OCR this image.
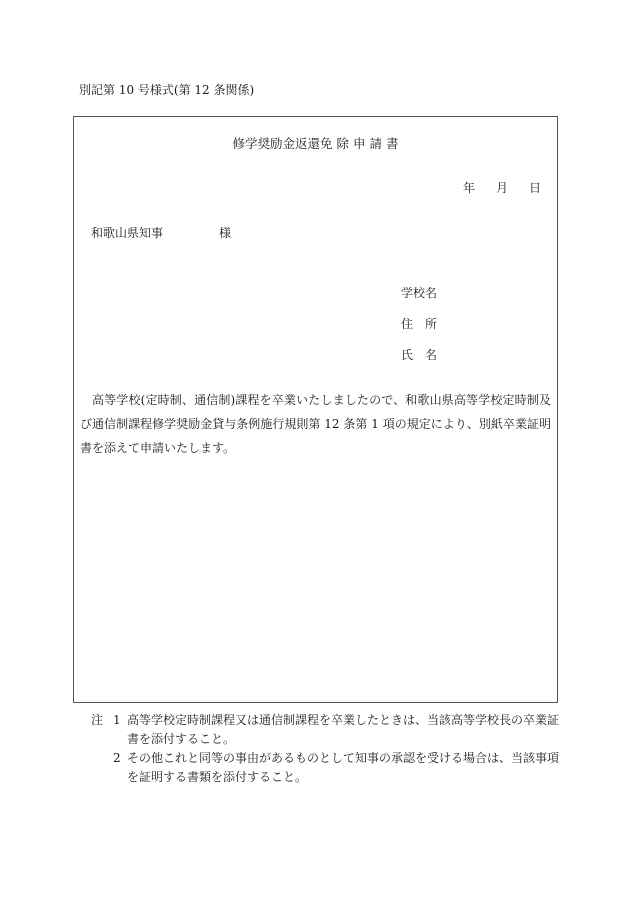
別記第 10 号様式(第 12 条関係)
修学奨励金返還免 除 申 請 書
年 月 日
和歌山県知事	様
学校名
住　所
氏　名
高等学校(定時制、通信制)課程を卒業いたしましたので、和歌山県高等学校定時制及び通信制課程修学奨励金貸与条例施行規則第 12 条第 1 項の規定により、別紙卒業証明書を添えて申請いたします。
注 1 高等学校定時制課程又は通信制課程を卒業したときは、当該高等学校長の卒業証書を添付すること。
2 その他これと同等の事由があるものとして知事の承認を受ける場合は、当該事項を証明する書類を添付すること。
